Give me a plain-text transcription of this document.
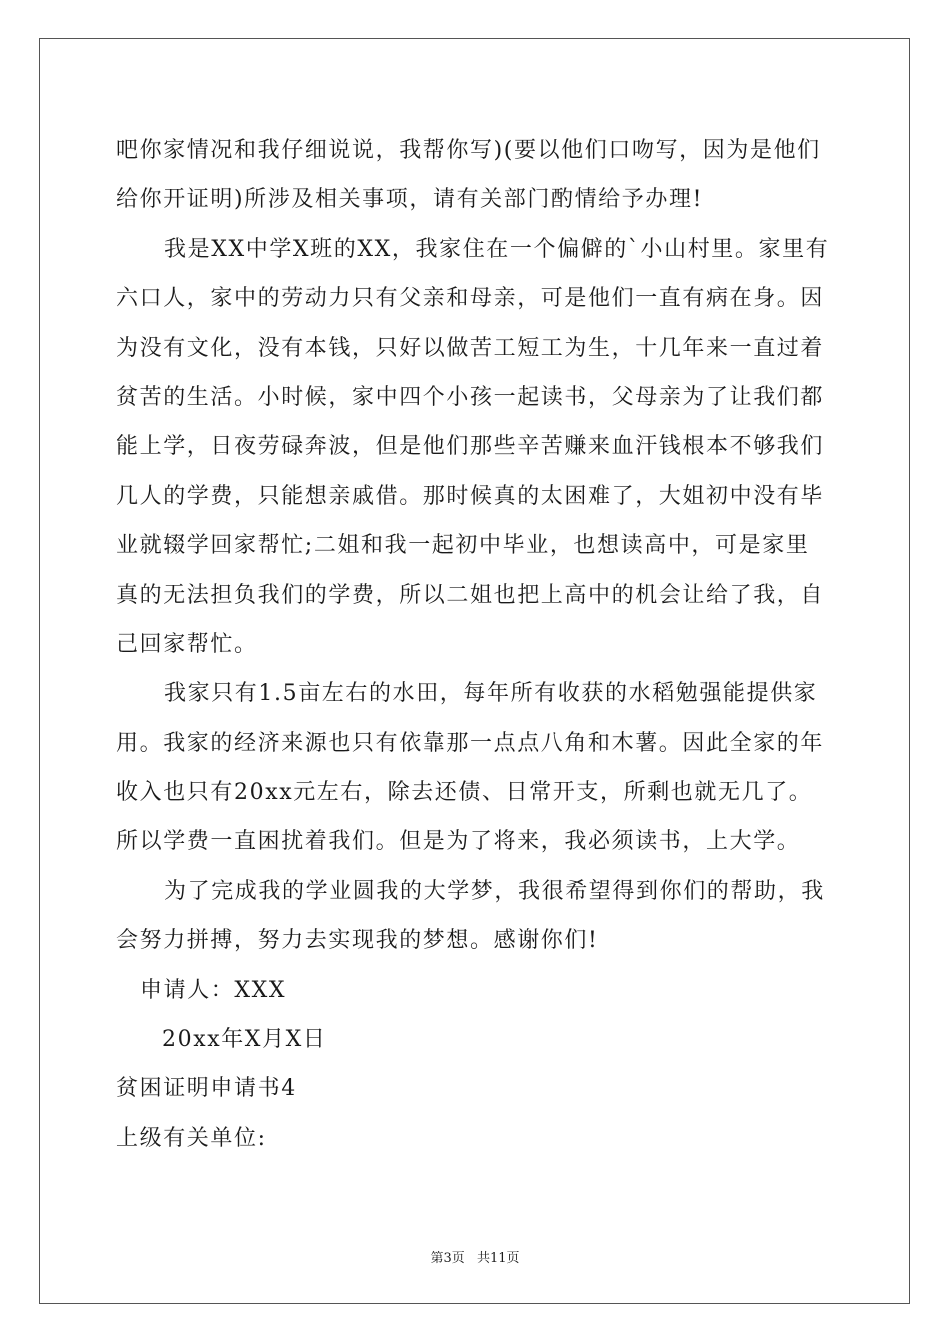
吧你家情况和我仔细说说，我帮你写)(要以他们口吻写，因为是他们
给你开证明)所涉及相关事项，请有关部门酌情给予办理!
我是XX中学X班的XX，我家住在一个偏僻的`小山村里。家里有
六口人，家中的劳动力只有父亲和母亲，可是他们一直有病在身。因
为没有文化，没有本钱，只好以做苦工短工为生，十几年来一直过着
贫苦的生活。小时候，家中四个小孩一起读书，父母亲为了让我们都
能上学，日夜劳碌奔波，但是他们那些辛苦赚来血汗钱根本不够我们
几人的学费，只能想亲戚借。那时候真的太困难了，大姐初中没有毕
业就辍学回家帮忙;二姐和我一起初中毕业，也想读高中，可是家里
真的无法担负我们的学费，所以二姐也把上高中的机会让给了我，自
己回家帮忙。
我家只有1.5亩左右的水田，每年所有收获的水稻勉强能提供家
用。我家的经济来源也只有依靠那一点点八角和木薯。因此全家的年
收入也只有20xx元左右，除去还债、日常开支，所剩也就无几了。
所以学费一直困扰着我们。但是为了将来，我必须读书，上大学。
为了完成我的学业圆我的大学梦，我很希望得到你们的帮助，我
会努力拼搏，努力去实现我的梦想。感谢你们!
申请人：XXX
20xx年X月X日
贫困证明申请书4
上级有关单位:
第3页 共11页
